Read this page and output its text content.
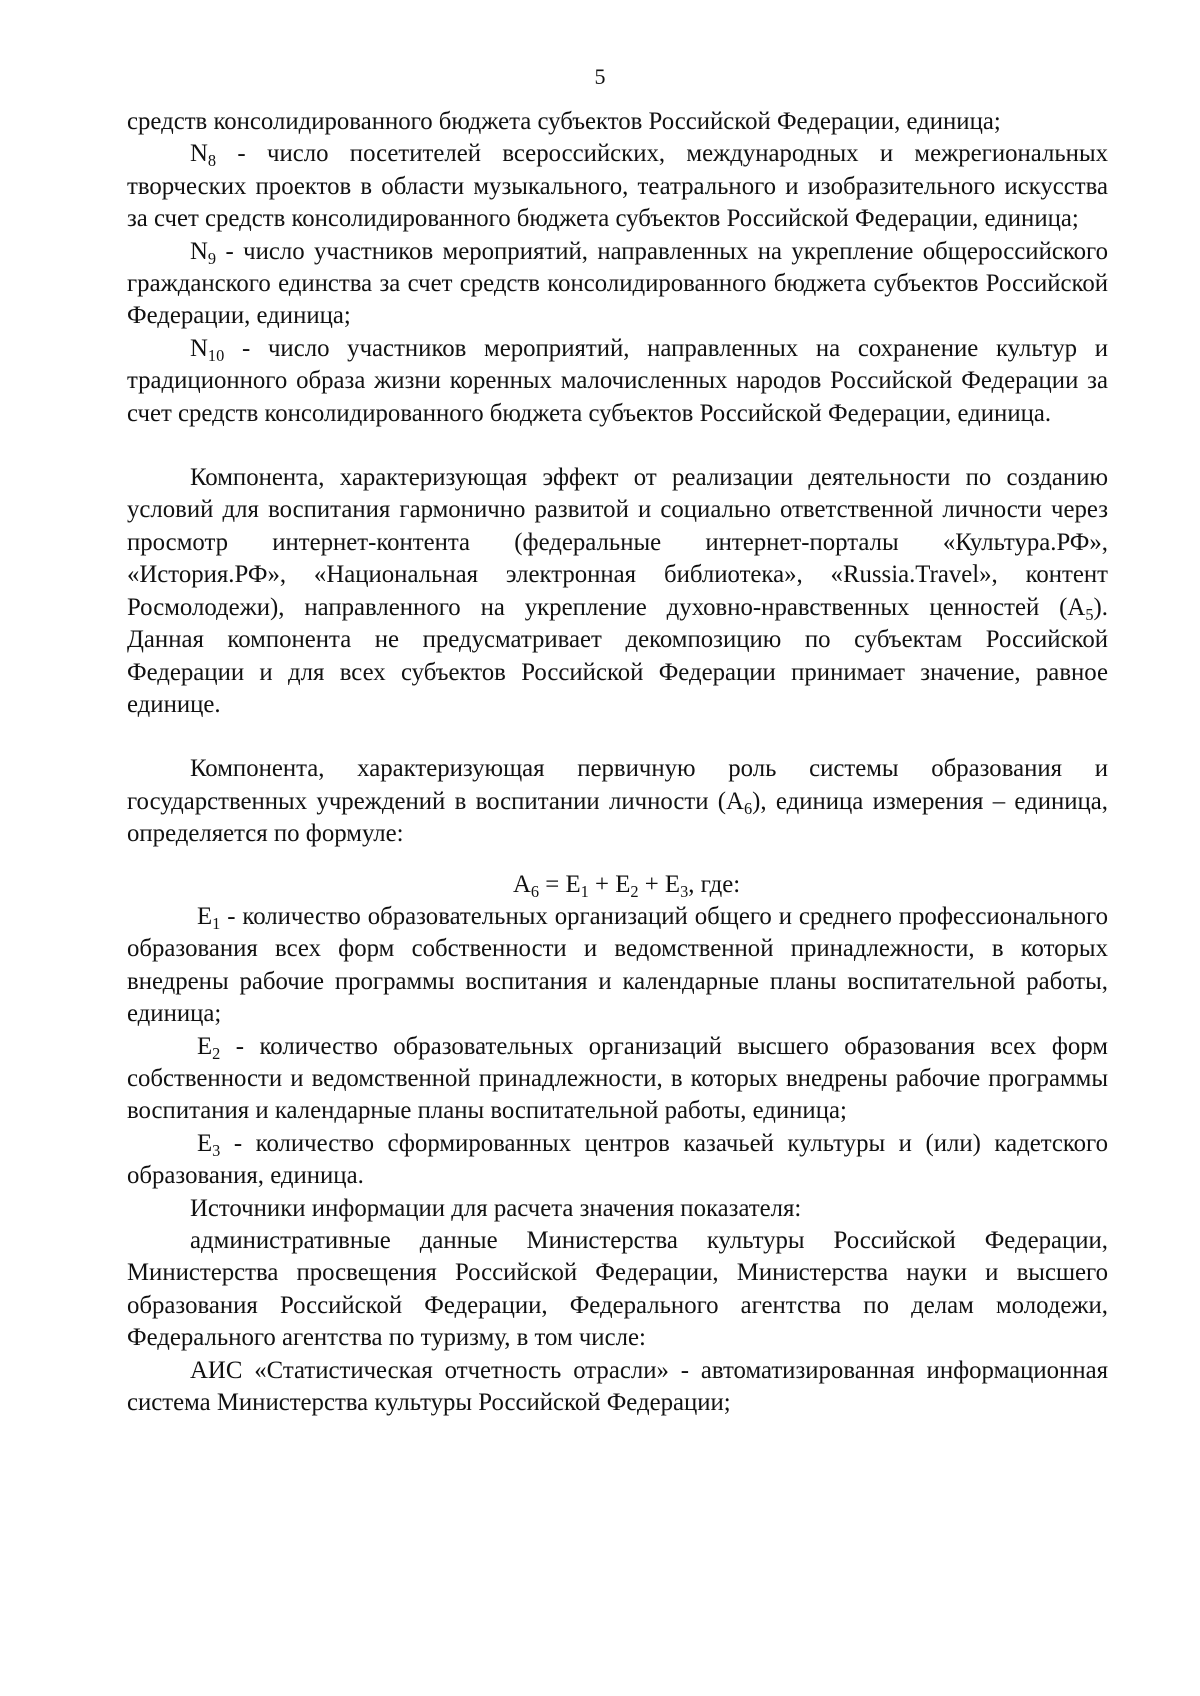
5

средств консолидированного бюджета субъектов Российской Федерации, единица;

$N_8$ - число посетителей всероссийских, международных и межрегиональных творческих проектов в области музыкального, театрального и изобразительного искусства за счет средств консолидированного бюджета субъектов Российской Федерации, единица;

$N_9$ - число участников мероприятий, направленных на укрепление общероссийского гражданского единства за счет средств консолидированного бюджета субъектов Российской Федерации, единица;

$N_{10}$ - число участников мероприятий, направленных на сохранение культур и традиционного образа жизни коренных малочисленных народов Российской Федерации за счет средств консолидированного бюджета субъектов Российской Федерации, единица.

Компонента, характеризующая эффект от реализации деятельности по созданию условий для воспитания гармонично развитой и социально ответственной личности через просмотр интернет-контента (федеральные интернет-порталы «Культура.РФ», «История.РФ», «Национальная электронная библиотека», «Russia.Travel», контент Росмолодежи), направленного на укрепление духовно-нравственных ценностей $(А_5)$. Данная компонента не предусматривает декомпозицию по субъектам Российской Федерации и для всех субъектов Российской Федерации принимает значение, равное единице.

Компонента, характеризующая первичную роль системы образования и государственных учреждений в воспитании личности $(А_6)$, единица измерения – единица, определяется по формуле:

$А_6 = Е_1 + Е_2 + Е_3$, где:

$Е_1$ - количество образовательных организаций общего и среднего профессионального образования всех форм собственности и ведомственной принадлежности, в которых внедрены рабочие программы воспитания и календарные планы воспитательной работы, единица;

$Е_2$ - количество образовательных организаций высшего образования всех форм собственности и ведомственной принадлежности, в которых внедрены рабочие программы воспитания и календарные планы воспитательной работы, единица;

$Е_3$ - количество сформированных центров казачьей культуры и (или) кадетского образования, единица.

Источники информации для расчета значения показателя:

административные данные Министерства культуры Российской Федерации, Министерства просвещения Российской Федерации, Министерства науки и высшего образования Российской Федерации, Федерального агентства по делам молодежи, Федерального агентства по туризму, в том числе:

АИС «Статистическая отчетность отрасли» - автоматизированная информационная система Министерства культуры Российской Федерации;
